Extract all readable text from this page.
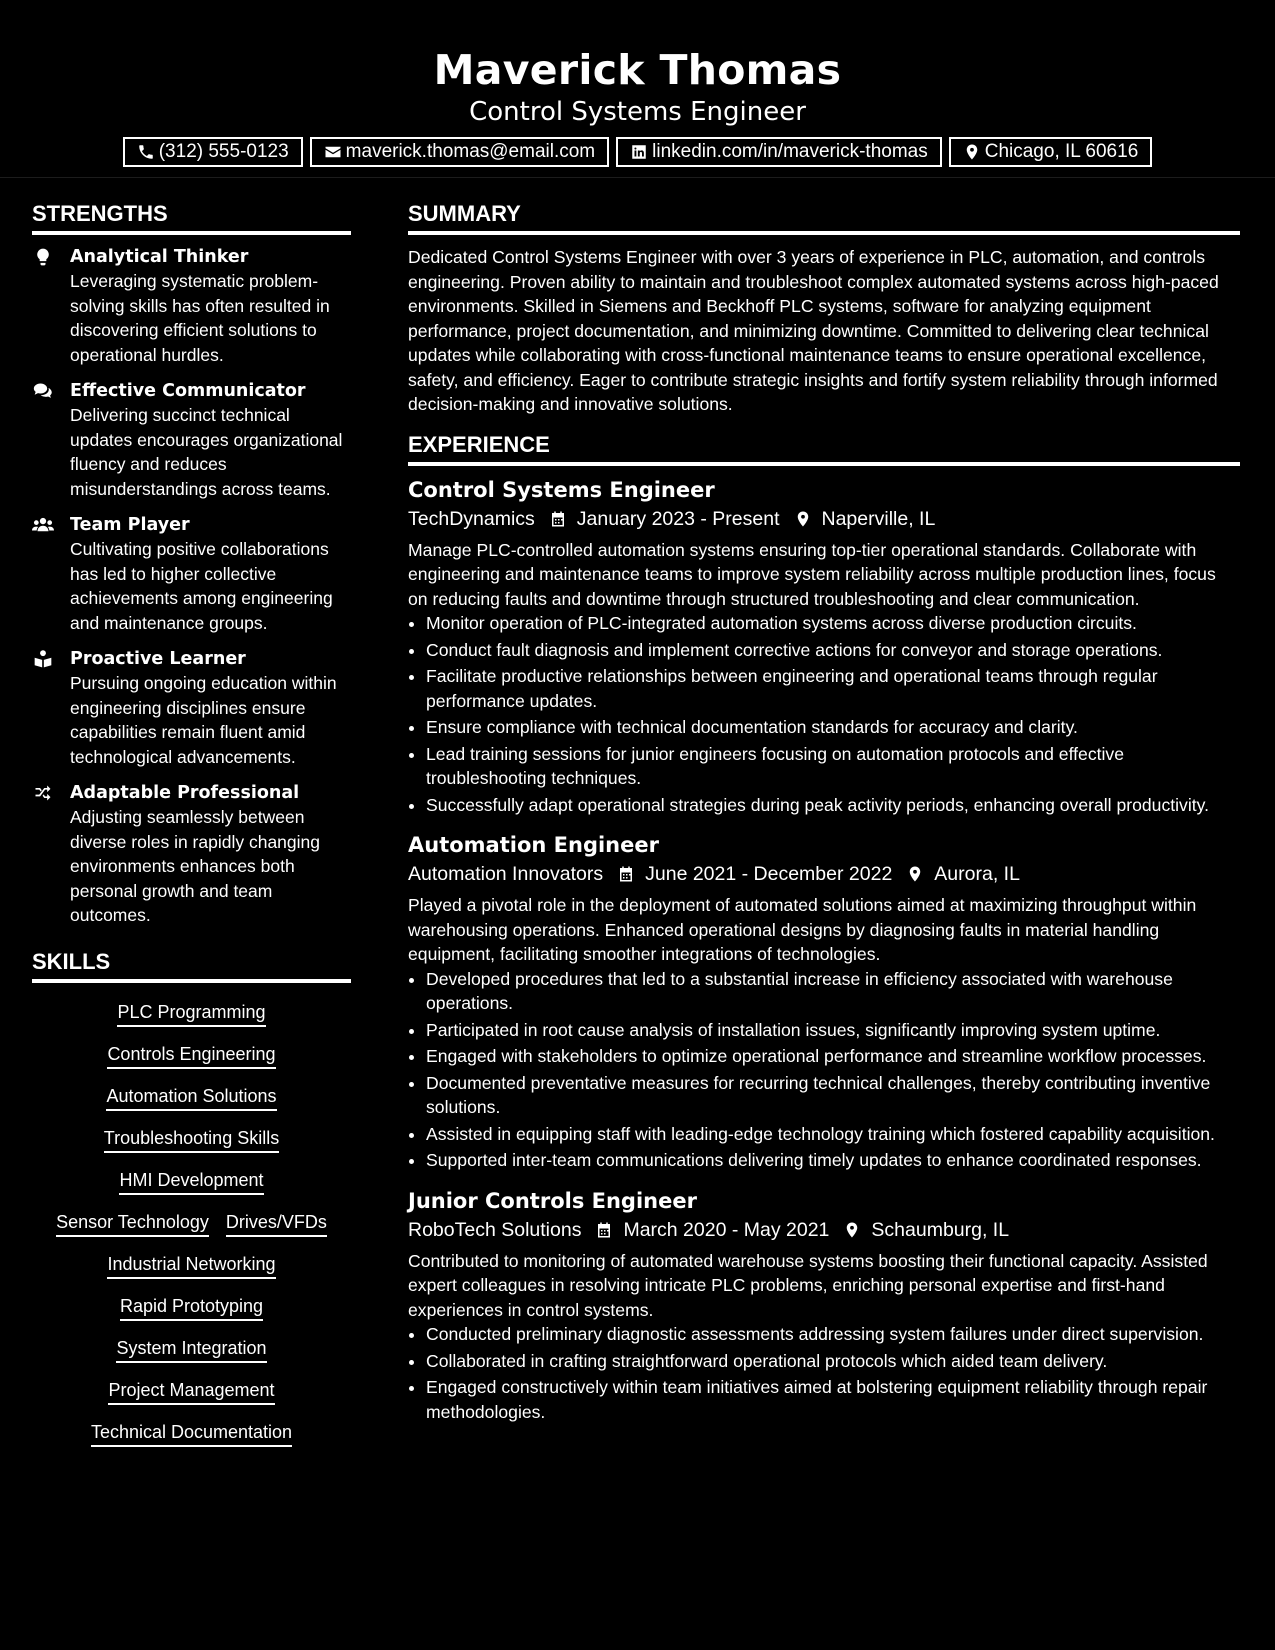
Maverick Thomas
Control Systems Engineer
(312) 555-0123	maverick.thomas@email.com	linkedin.com/in/maverick-thomas	Chicago, IL 60616
STRENGTHS
Analytical Thinker
Leveraging systematic problem-solving skills has often resulted in discovering efficient solutions to operational hurdles.
Effective Communicator
Delivering succinct technical updates encourages organizational fluency and reduces misunderstandings across teams.
Team Player
Cultivating positive collaborations has led to higher collective achievements among engineering and maintenance groups.
Proactive Learner
Pursuing ongoing education within engineering disciplines ensure capabilities remain fluent amid technological advancements.
Adaptable Professional
Adjusting seamlessly between diverse roles in rapidly changing environments enhances both personal growth and team outcomes.
SKILLS
PLC Programming
Controls Engineering
Automation Solutions
Troubleshooting Skills
HMI Development
Sensor Technology Drives/VFDs
Industrial Networking
Rapid Prototyping
System Integration
Project Management
Technical Documentation
SUMMARY
Dedicated Control Systems Engineer with over 3 years of experience in PLC, automation, and controls engineering. Proven ability to maintain and troubleshoot complex automated systems across high-paced environments. Skilled in Siemens and Beckhoff PLC systems, software for analyzing equipment performance, project documentation, and minimizing downtime. Committed to delivering clear technical updates while collaborating with cross-functional maintenance teams to ensure operational excellence, safety, and efficiency. Eager to contribute strategic insights and fortify system reliability through informed decision-making and innovative solutions.
EXPERIENCE
Control Systems Engineer
TechDynamics January 2023 - Present Naperville, IL
Manage PLC-controlled automation systems ensuring top-tier operational standards. Collaborate with engineering and maintenance teams to improve system reliability across multiple production lines, focus on reducing faults and downtime through structured troubleshooting and clear communication.
• Monitor operation of PLC-integrated automation systems across diverse production circuits.
• Conduct fault diagnosis and implement corrective actions for conveyor and storage operations.
• Facilitate productive relationships between engineering and operational teams through regular performance updates.
• Ensure compliance with technical documentation standards for accuracy and clarity.
• Lead training sessions for junior engineers focusing on automation protocols and effective troubleshooting techniques.
• Successfully adapt operational strategies during peak activity periods, enhancing overall productivity.
Automation Engineer
Automation Innovators June 2021 - December 2022 Aurora, IL
Played a pivotal role in the deployment of automated solutions aimed at maximizing throughput within warehousing operations. Enhanced operational designs by diagnosing faults in material handling equipment, facilitating smoother integrations of technologies.
• Developed procedures that led to a substantial increase in efficiency associated with warehouse operations.
• Participated in root cause analysis of installation issues, significantly improving system uptime.
• Engaged with stakeholders to optimize operational performance and streamline workflow processes.
• Documented preventative measures for recurring technical challenges, thereby contributing inventive solutions.
• Assisted in equipping staff with leading-edge technology training which fostered capability acquisition.
• Supported inter-team communications delivering timely updates to enhance coordinated responses.
Junior Controls Engineer
RoboTech Solutions March 2020 - May 2021 Schaumburg, IL
Contributed to monitoring of automated warehouse systems boosting their functional capacity. Assisted expert colleagues in resolving intricate PLC problems, enriching personal expertise and first-hand experiences in control systems.
• Conducted preliminary diagnostic assessments addressing system failures under direct supervision.
• Collaborated in crafting straightforward operational protocols which aided team delivery.
• Engaged constructively within team initiatives aimed at bolstering equipment reliability through repair methodologies.
